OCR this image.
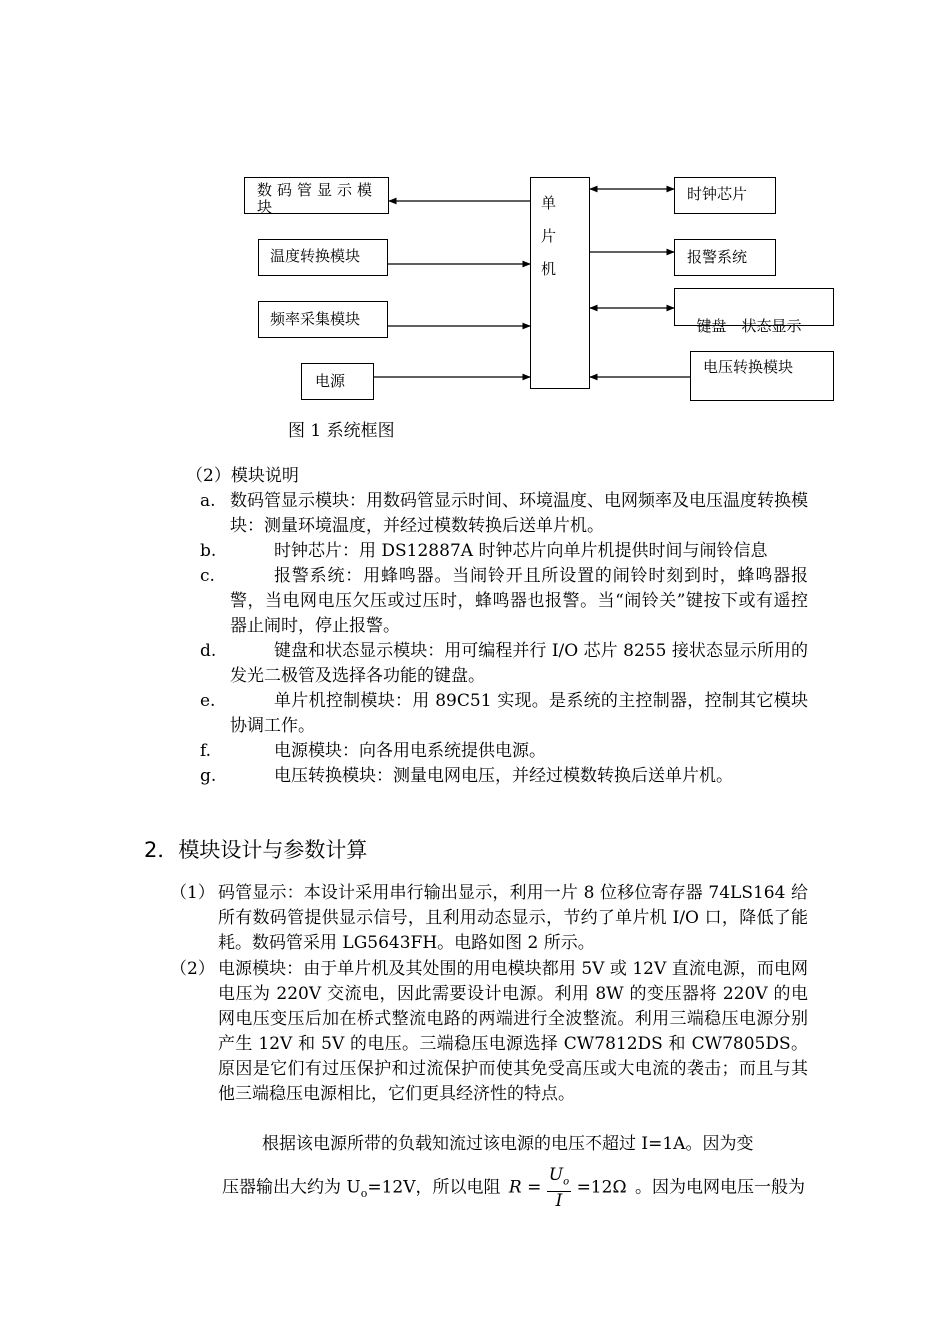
数码管显示模块
温度转换模块
频率采集模块
电源
单片机
时钟芯片
报警系统

键盘　状态显示

电压转换模块
图 1 系统框图
（2）模块说明
a. 数码管显示模块：用数码管显示时间、环境温度、电网频率及电压温度转换模块：测量环境温度，并经过模数转换后送单片机。
b.	时钟芯片：用 DS12887A 时钟芯片向单片机提供时间与闹铃信息
c.	报警系统：用蜂鸣器。当闹铃开且所设置的闹铃时刻到时，蜂鸣器报警，当电网电压欠压或过压时，蜂鸣器也报警。当“闹铃关”键按下或有遥控器止闹时，停止报警。
d.	键盘和状态显示模块：用可编程并行 I/O 芯片 8255 接状态显示所用的发光二极管及选择各功能的键盘。
e.	单片机控制模块：用 89C51 实现。是系统的主控制器，控制其它模块协调工作。
f.	电源模块：向各用电系统提供电源。
g.	电压转换模块：测量电网电压，并经过模数转换后送单片机。
2．模块设计与参数计算
（1） 码管显示：本设计采用串行输出显示，利用一片 8 位移位寄存器 74LS164 给所有数码管提供显示信号，且利用动态显示，节约了单片机 I/O 口，降低了能耗。数码管采用 LG5643FH。电路如图 2 所示。
（2） 电源模块：由于单片机及其处围的用电模块都用 5V 或 12V 直流电源，而电网电压为 220V 交流电，因此需要设计电源。利用 8W 的变压器将 220V 的电网电压变压后加在桥式整流电路的两端进行全波整流。利用三端稳压电源分别产生 12V 和 5V 的电压。三端稳压电源选择 CW7812DS 和 CW7805DS。原因是它们有过压保护和过流保护而使其免受高压或大电流的袭击；而且与其他三端稳压电源相比，它们更具经济性的特点。
根据该电源所带的负载知流过该电源的电压不超过 I=1A。因为变
压器输出大约为 $U_o=12V$，所以电阻 $R = \frac{U_o}{I} =12\Omega$ 。因为电网电压一般为
